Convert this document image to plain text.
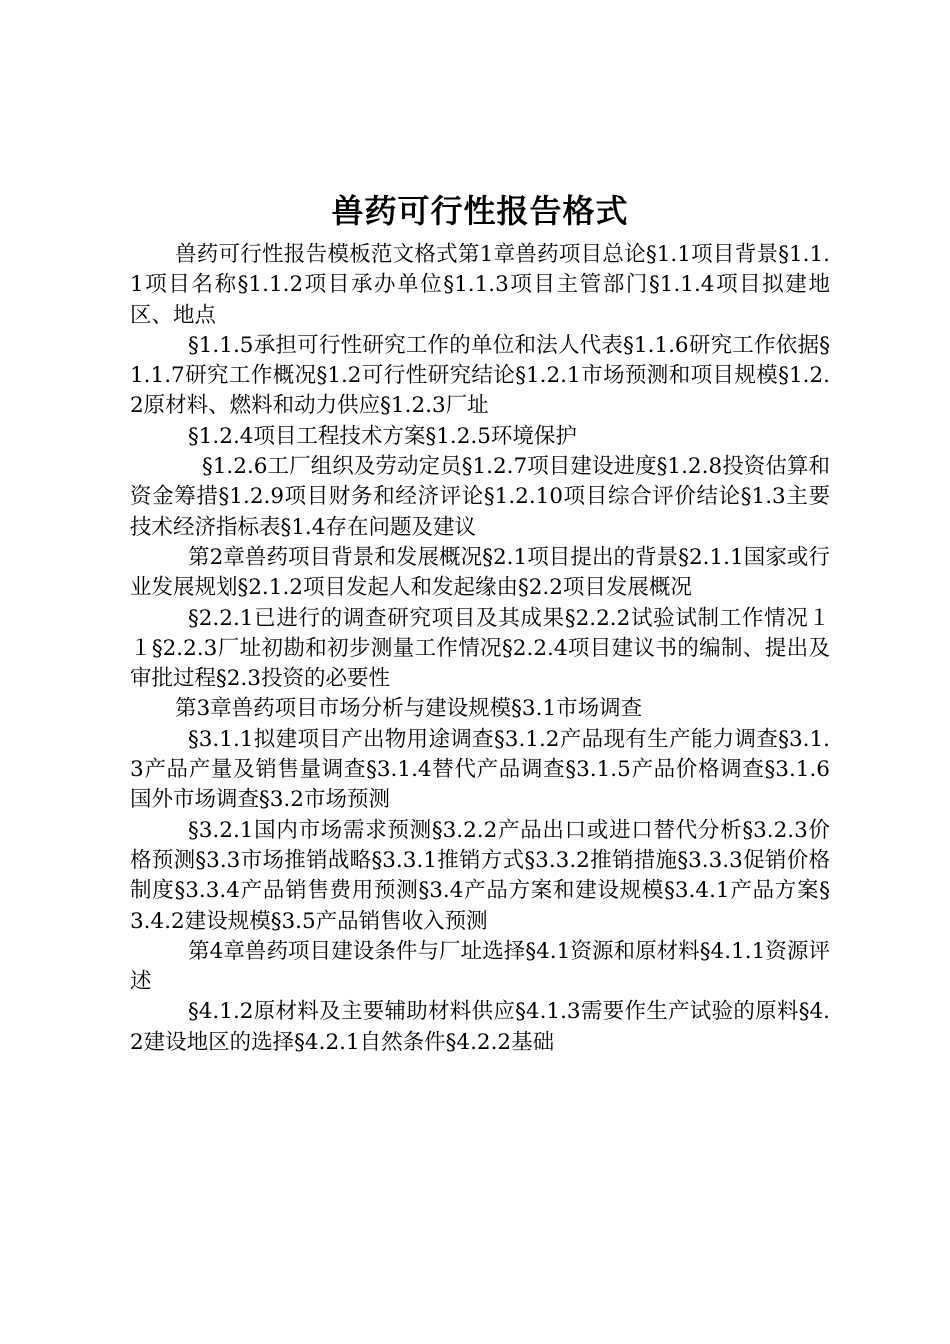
兽药可行性报告格式

兽药可行性报告模板范文格式第1章兽药项目总论§1.1项目背景§1.1.1项目名称§1.1.2项目承办单位§1.1.3项目主管部门§1.1.4项目拟建地区、地点

§1.1.5承担可行性研究工作的单位和法人代表§1.1.6研究工作依据§1.1.7研究工作概况§1.2可行性研究结论§1.2.1市场预测和项目规模§1.2.2原材料、燃料和动力供应§1.2.3厂址

§1.2.4项目工程技术方案§1.2.5环境保护

§1.2.6工厂组织及劳动定员§1.2.7项目建设进度§1.2.8投资估算和资金筹措§1.2.9项目财务和经济评论§1.2.10项目综合评价结论§1.3主要技术经济指标表§1.4存在问题及建议

第2章兽药项目背景和发展概况§2.1项目提出的背景§2.1.1国家或行业发展规划§2.1.2项目发起人和发起缘由§2.2项目发展概况

§2.2.1已进行的调查研究项目及其成果§2.2.2试验试制工作情况１１§2.2.3厂址初勘和初步测量工作情况§2.2.4项目建议书的编制、提出及审批过程§2.3投资的必要性

第3章兽药项目市场分析与建设规模§3.1市场调查

§3.1.1拟建项目产出物用途调查§3.1.2产品现有生产能力调查§3.1.3产品产量及销售量调查§3.1.4替代产品调查§3.1.5产品价格调查§3.1.6国外市场调查§3.2市场预测

§3.2.1国内市场需求预测§3.2.2产品出口或进口替代分析§3.2.3价格预测§3.3市场推销战略§3.3.1推销方式§3.3.2推销措施§3.3.3促销价格制度§3.3.4产品销售费用预测§3.4产品方案和建设规模§3.4.1产品方案§3.4.2建设规模§3.5产品销售收入预测

第4章兽药项目建设条件与厂址选择§4.1资源和原材料§4.1.1资源评述

§4.1.2原材料及主要辅助材料供应§4.1.3需要作生产试验的原料§4.2建设地区的选择§4.2.1自然条件§4.2.2基础
